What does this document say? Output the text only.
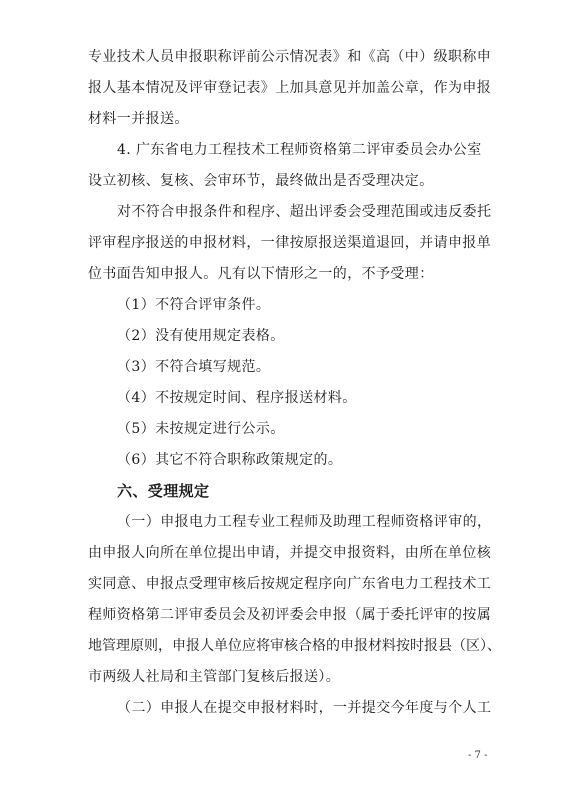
专业技术人员申报职称评前公示情况表》和《高（中）级职称申
报人基本情况及评审登记表》上加具意见并加盖公章，作为申报
材料一并报送。
4. 广东省电力工程技术工程师资格第二评审委员会办公室
设立初核、复核、会审环节，最终做出是否受理决定。
对不符合申报条件和程序、超出评委会受理范围或违反委托
评审程序报送的申报材料，一律按原报送渠道退回，并请申报单
位书面告知申报人。凡有以下情形之一的，不予受理：
（1）不符合评审条件。
（2）没有使用规定表格。
（3）不符合填写规范。
（4）不按规定时间、程序报送材料。
（5）未按规定进行公示。
（6）其它不符合职称政策规定的。
六、受理规定
（一）申报电力工程专业工程师及助理工程师资格评审的，
由申报人向所在单位提出申请，并提交申报资料，由所在单位核
实同意、申报点受理审核后按规定程序向广东省电力工程技术工
程师资格第二评审委员会及初评委会申报（属于委托评审的按属
地管理原则，申报人单位应将审核合格的申报材料按时报县（区）、
市两级人社局和主管部门复核后报送）。
（二）申报人在提交申报材料时，一并提交今年度与个人工
- 7 -
